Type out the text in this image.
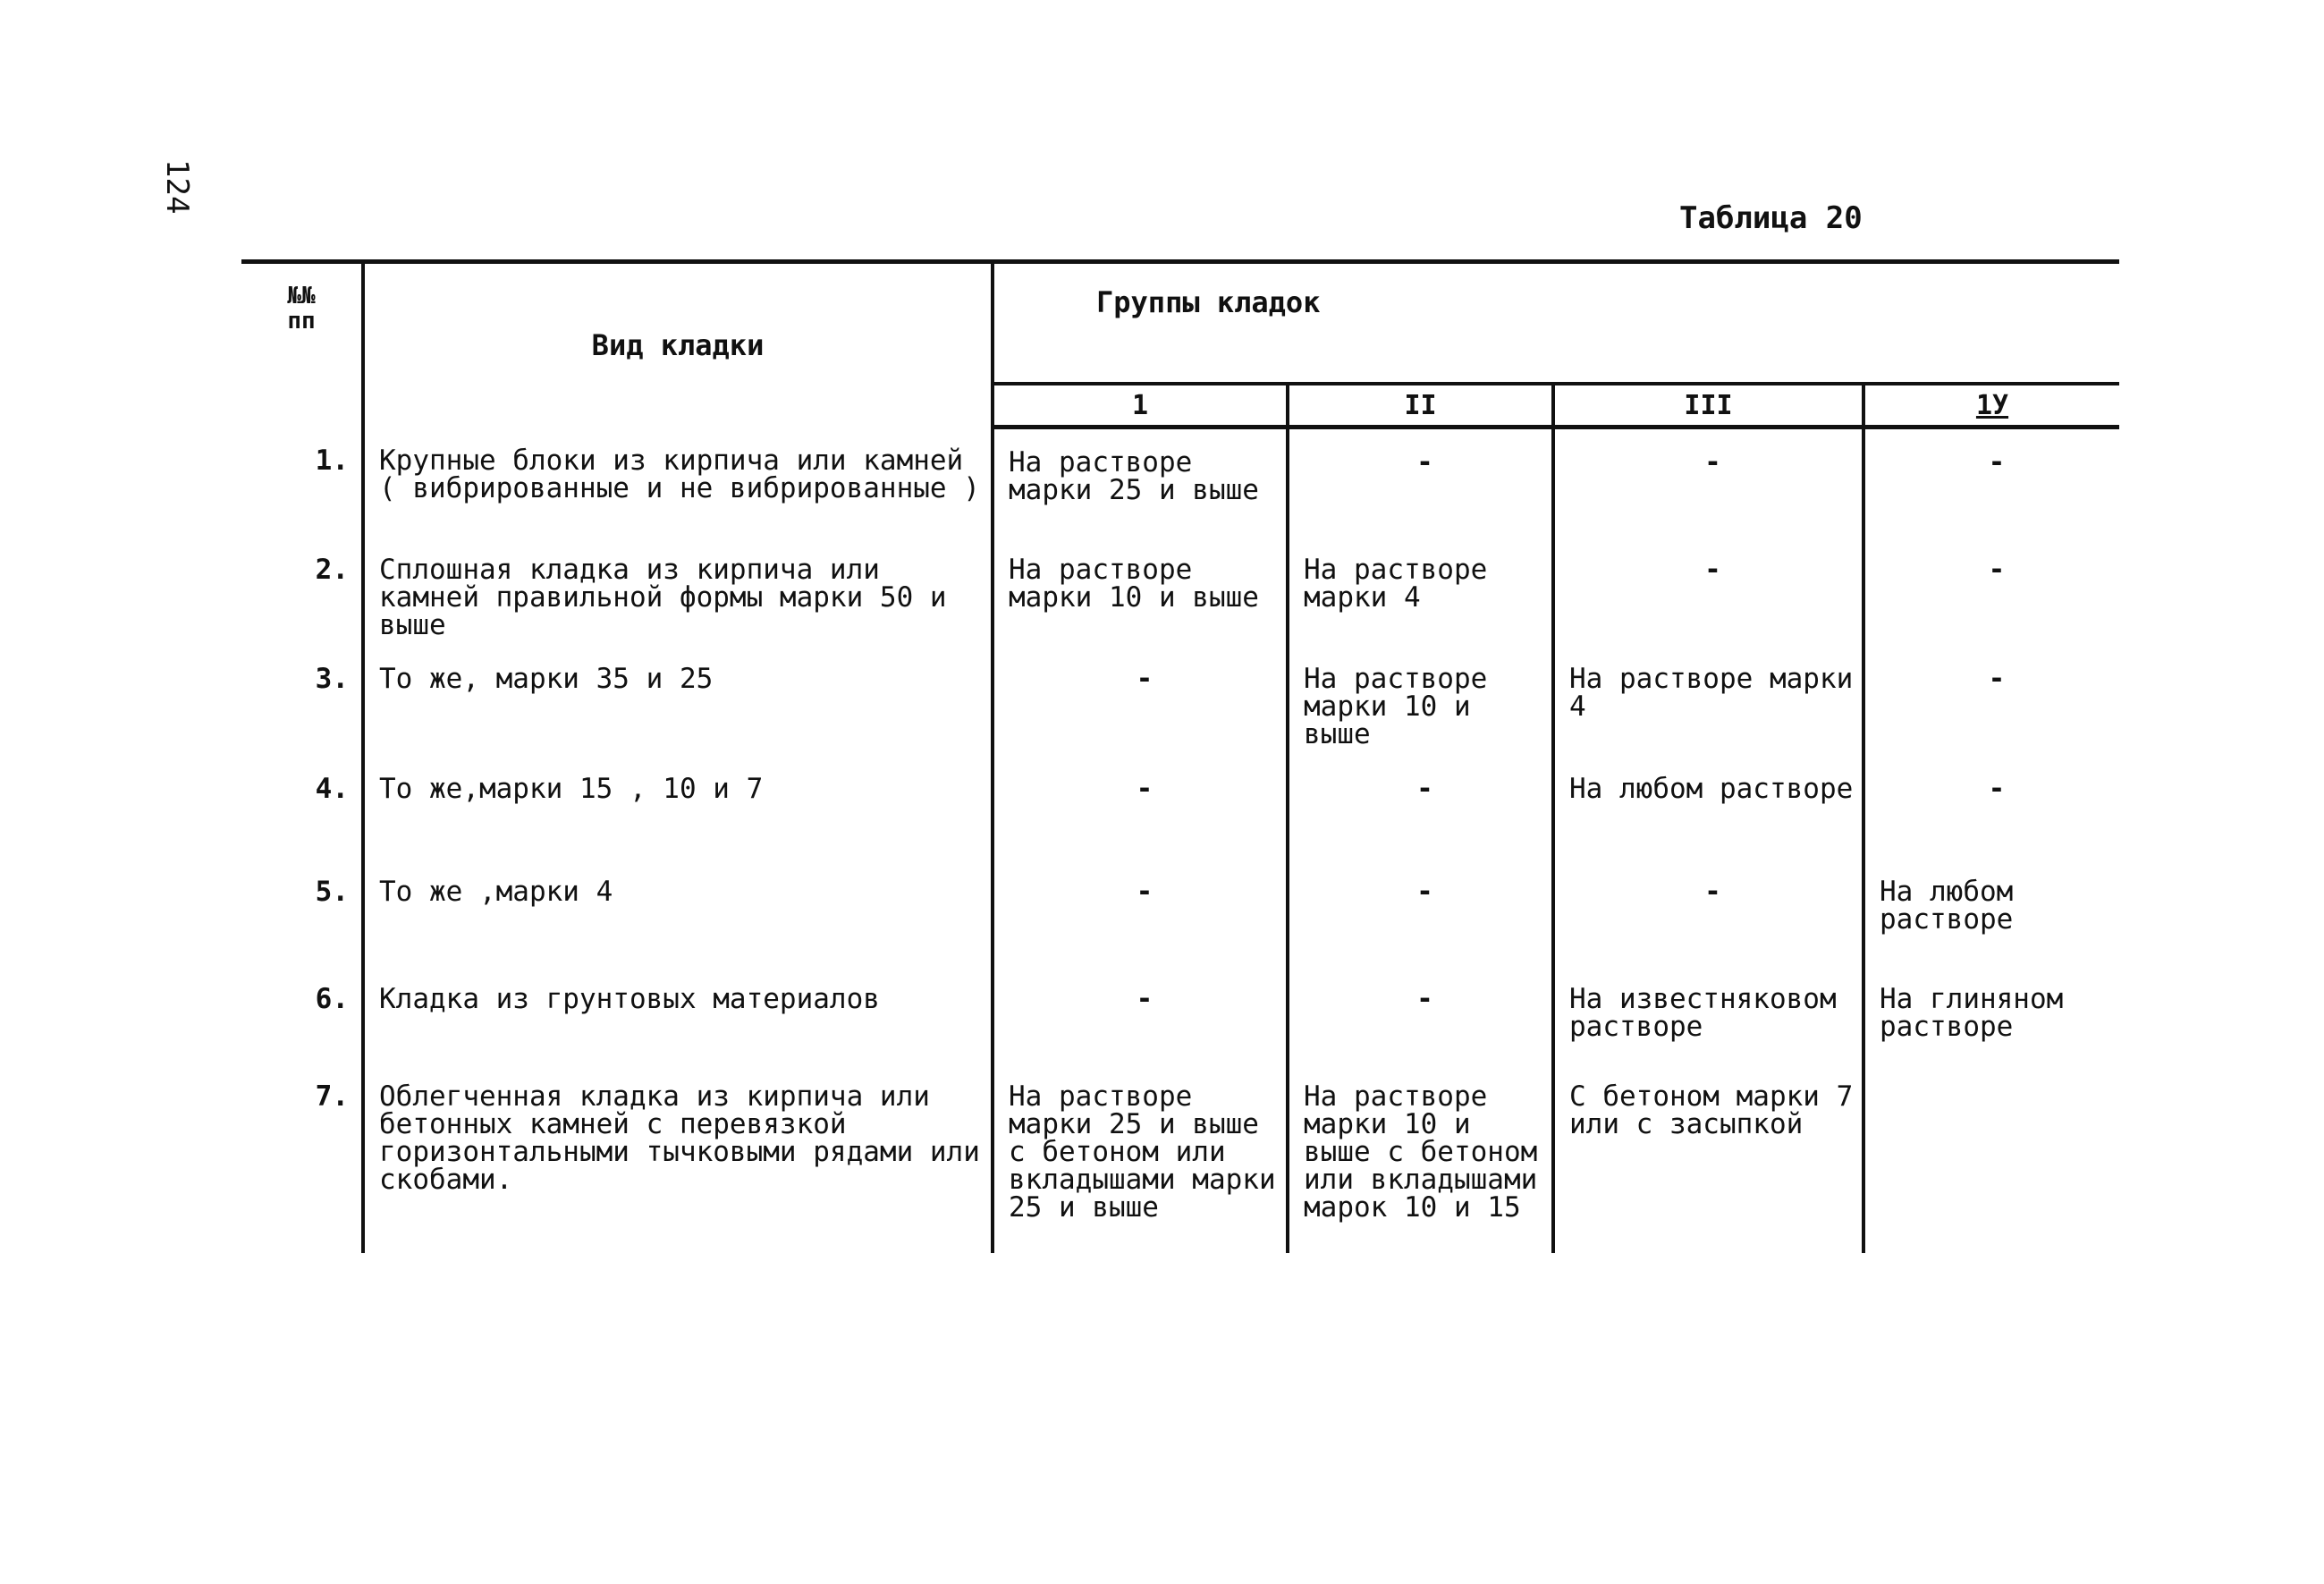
124
Таблица 20
№№
пп	Вид кладки	Группы кладок			
		1	II	III	1У
1.	Крупные блоки из кирпича или камней ( вибрированные и не вибрированные )	На растворе марки 25 и выше	-	-	-
2.	Сплошная кладка из кирпича или камней правильной формы марки 50 и выше	На растворе марки 10 и выше	На растворе марки 4	-	-
3.	То же, марки 35 и 25	-	На растворе марки 10 и выше	На растворе марки 4	-
4.	То же,марки 15 , 10 и 7	-	-	На любом растворе	-
5.	То же ,марки 4	-	-	-	На любом растворе
6.	Кладка из грунтовых материалов	-	-	На известняковом растворе	На глиняном растворе
7.	Облегченная кладка из кирпича или бетонных камней с перевязкой горизонтальными тычковыми рядами или скобами.	На растворе марки 25 и выше с бетоном или вкладышами марки 25 и выше	На растворе марки 10 и выше с бетоном или вкладышами марок 10 и 15	С бетоном марки 7 или с засыпкой	
